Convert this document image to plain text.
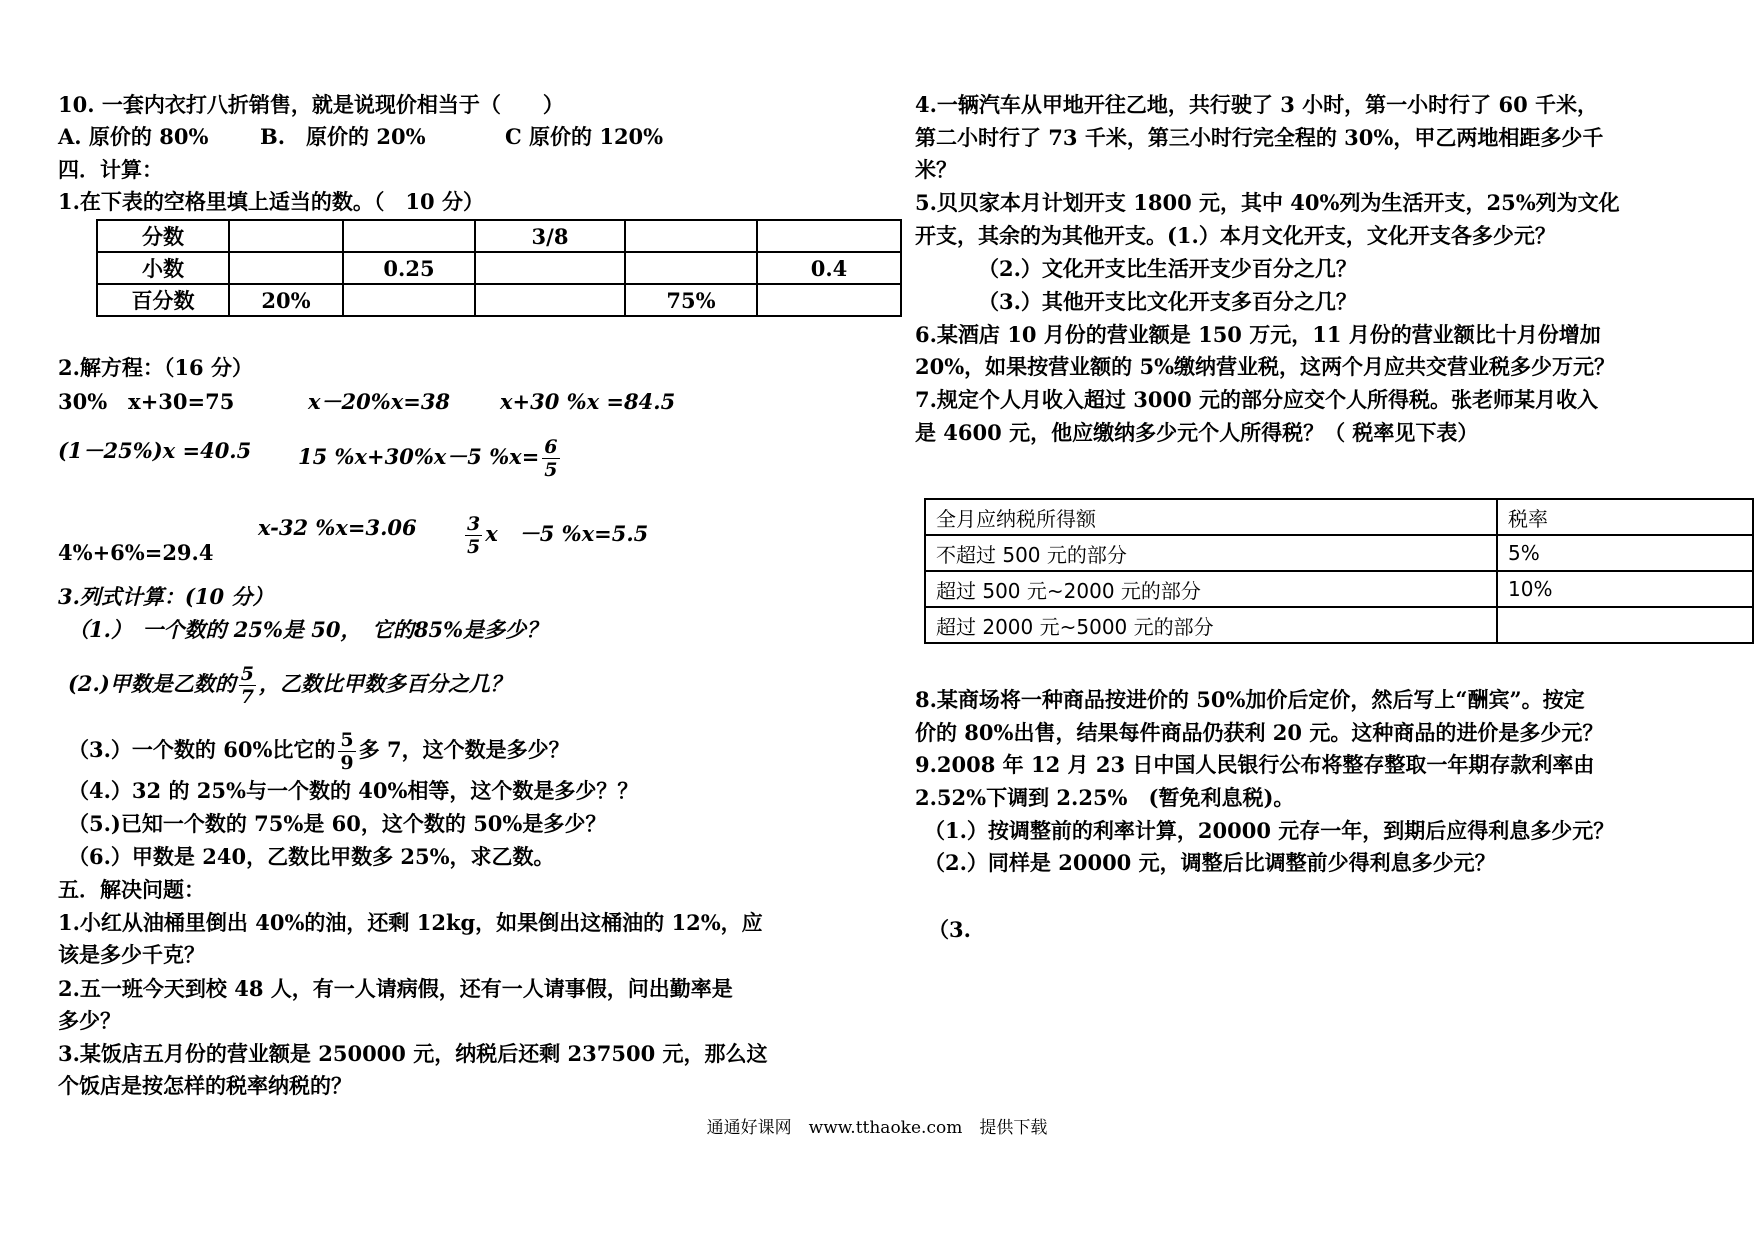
10. 一套内衣打八折销售，就是说现价相当于（　　）
A. 原价的 80% B.　原价的 20%	C 原价的 120%
四．计算：
1.在下表的空格里填上适当的数。（　10 分）
分数			3/8		
小数		0.25			0.4
百分数	20%			75%	
2.解方程：（16 分）
30%　x+30=75	x－20%x=38 x+30 %x =84.5
(1－25%)x =40.5 15 %x+30%x－5 $\%x= \frac{6}{5}$
x-32 %x=3.06	$\frac{3}{5}$ x　－5 %x=5.5
4%+6%=29.4
3.列式计算：(10 分）
（1.）　一个数的 25%是 50，　它的85%是多少？
(2.)甲数是乙数的 $\frac{5}{7}$ ，乙数比甲数多百分之几？
（3.）一个数的 60%比它的 $\frac{5}{9}$ 多 7，这个数是多少？
（4.）32 的 25%与一个数的 40%相等，这个数是多少？？
（5.)已知一个数的 75%是 60，这个数的 50%是多少？
（6.）甲数是 240，乙数比甲数多 25%，求乙数。
五．解决问题：
1.小红从油桶里倒出 40%的油，还剩 12kg，如果倒出这桶油的 12%，应
该是多少千克？
2.五一班今天到校 48 人，有一人请病假，还有一人请事假，问出勤率是
多少？
3.某饭店五月份的营业额是 250000 元，纳税后还剩 237500 元，那么这
个饭店是按怎样的税率纳税的？
4.一辆汽车从甲地开往乙地，共行驶了 3 小时，第一小时行了 60 千米，
第二小时行了 73 千米，第三小时行完全程的 30%，甲乙两地相距多少千
米？
5.贝贝家本月计划开支 1800 元，其中 40%列为生活开支，25%列为文化
开支，其余的为其他开支。(1.）本月文化开支，文化开支各多少元？
（2.）文化开支比生活开支少百分之几？
（3.）其他开支比文化开支多百分之几？
6.某酒店 10 月份的营业额是 150 万元，11 月份的营业额比十月份增加
20%，如果按营业额的 5%缴纳营业税，这两个月应共交营业税多少万元？
7.规定个人月收入超过 3000 元的部分应交个人所得税。张老师某月收入
是 4600 元，他应缴纳多少元个人所得税？（ 税率见下表）
全月应纳税所得额	税率
不超过 500 元的部分	5%
超过 500 元~2000 元的部分	10%
超过 2000 元~5000 元的部分	
8.某商场将一种商品按进价的 50%加价后定价，然后写上“酬宾”。按定
价的 80%出售，结果每件商品仍获利 20 元。这种商品的进价是多少元？
9.2008 年 12 月 23 日中国人民银行公布将整存整取一年期存款利率由
2.52%下调到 2.25%　(暂免利息税)。
（1.）按调整前的利率计算，20000 元存一年，到期后应得利息多少元？
（2.）同样是 20000 元，调整后比调整前少得利息多少元？
（3.
通通好课网　www.tthaoke.com　提供下载
